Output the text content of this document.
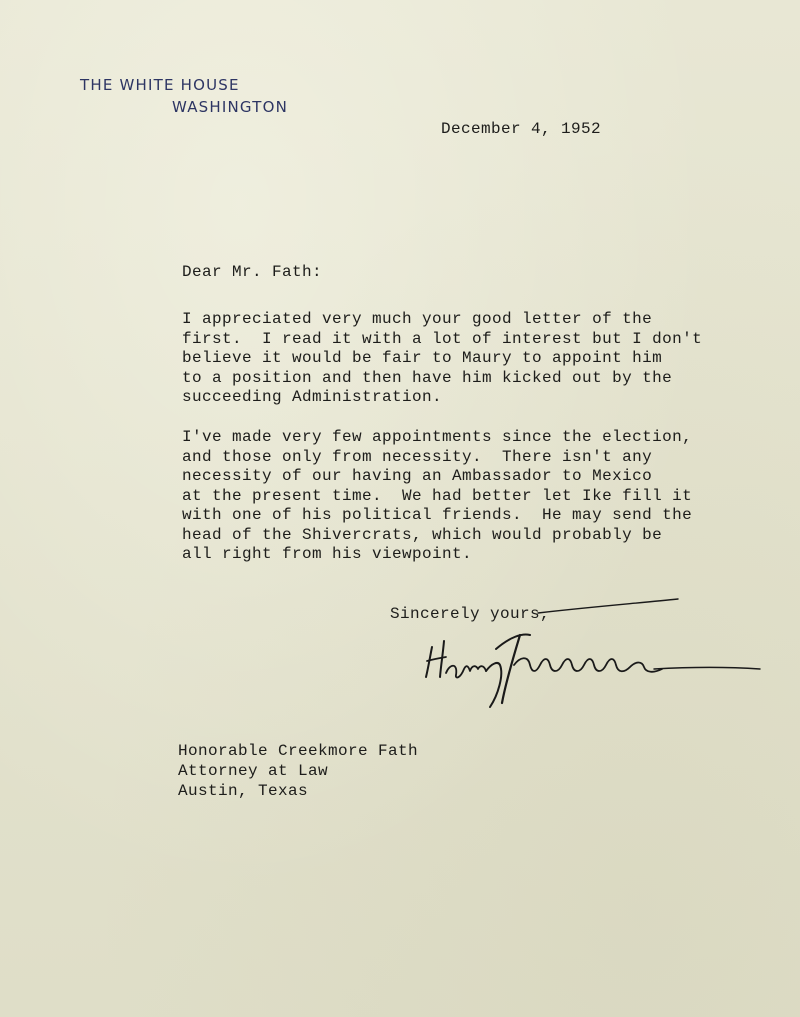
THE WHITE HOUSE
WASHINGTON
December 4, 1952
Dear Mr. Fath:
I appreciated very much your good letter of the
first.  I read it with a lot of interest but I don't
believe it would be fair to Maury to appoint him
to a position and then have him kicked out by the
succeeding Administration.
I've made very few appointments since the election,
and those only from necessity.  There isn't any
necessity of our having an Ambassador to Mexico
at the present time.  We had better let Ike fill it
with one of his political friends.  He may send the
head of the Shivercrats, which would probably be
all right from his viewpoint.
Sincerely yours,
Honorable Creekmore Fath
Attorney at Law
Austin, Texas
